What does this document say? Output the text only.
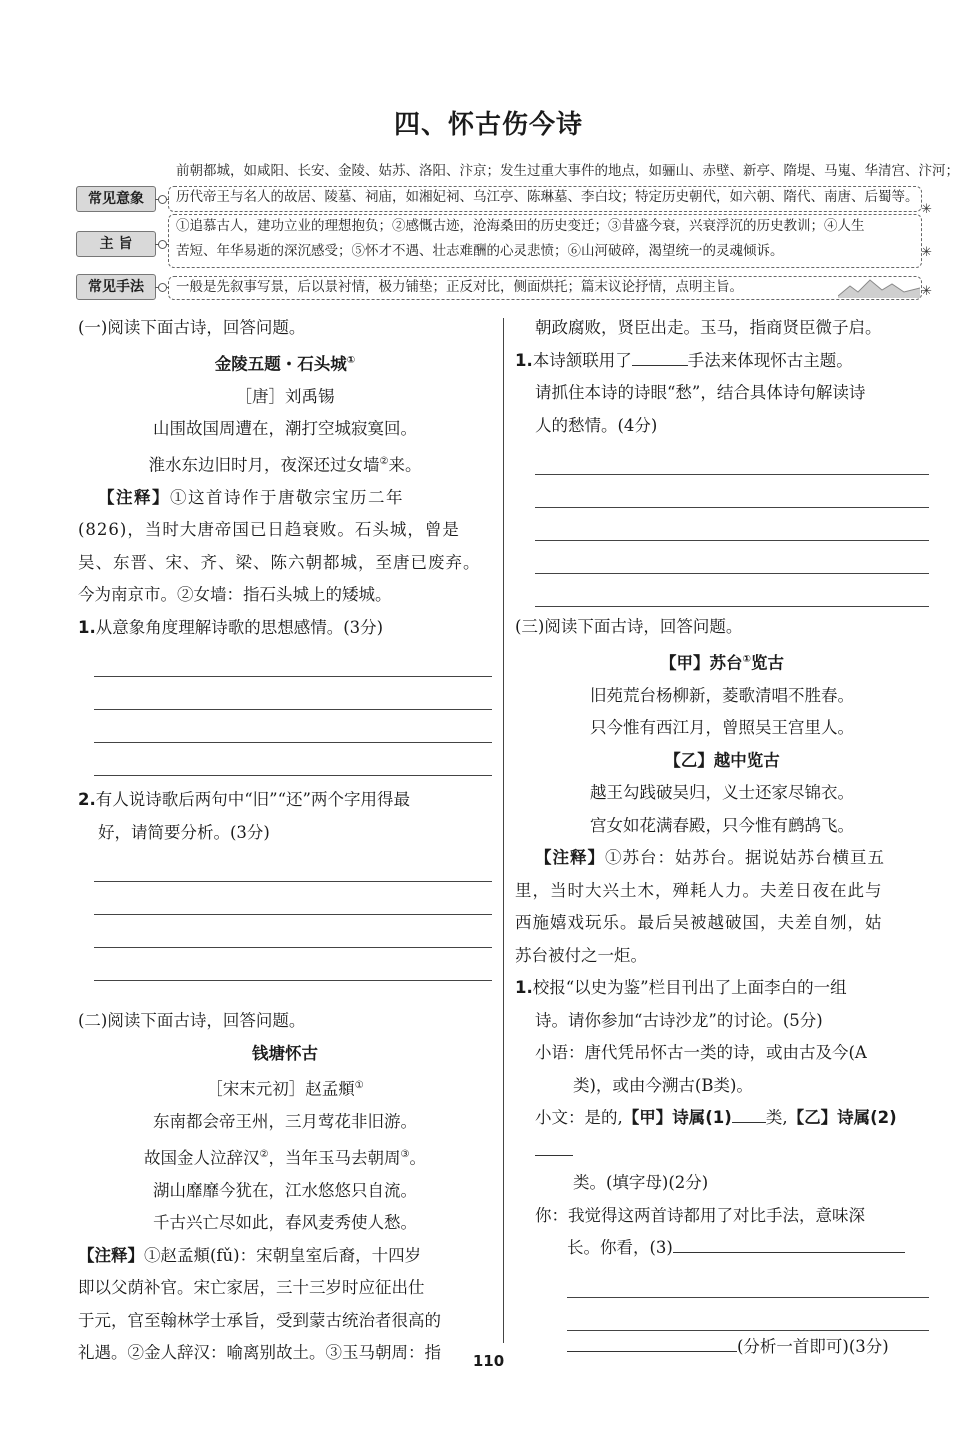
四、怀古伤今诗
前朝都城，如咸阳、长安、金陵、姑苏、洛阳、汴京；发生过重大事件的地点，如骊山、赤壁、新亭、隋堤、马嵬、华清宫、汴河；
历代帝王与名人的故居、陵墓、祠庙，如湘妃祠、乌江亭、陈琳墓、李白坟；特定历史朝代，如六朝、隋代、南唐、后蜀等。
常见意象
✳
①追慕古人，建功立业的理想抱负；②感慨古迹，沧海桑田的历史变迁；③昔盛今衰，兴衰浮沉的历史教训；④人生
苦短、年华易逝的深沉感受；⑤怀才不遇、壮志难酬的心灵悲愤；⑥山河破碎，渴望统一的灵魂倾诉。
主 旨
✳
一般是先叙事写景，后以景衬情，极力铺垫；正反对比，侧面烘托；篇末议论抒情，点明主旨。
常见手法	✳

(一)阅读下面古诗，回答问题。

金陵五题・石头城①

［唐］刘禹锡

山围故国周遭在，潮打空城寂寞回。

淮水东边旧时月，夜深还过女墙②来。

【注释】①这首诗作于唐敬宗宝历二年

(826)，当时大唐帝国已日趋衰败。石头城，曾是

吴、东晋、宋、齐、梁、陈六朝都城，至唐已废弃。

今为南京市。②女墙：指石头城上的矮城。

1.从意象角度理解诗歌的思想感情。(3分)

2.有人说诗歌后两句中“旧”“还”两个字用得最

好，请简要分析。(3分)

(二)阅读下面古诗，回答问题。

钱塘怀古

［宋末元初］赵孟頫①

东南都会帝王州，三月莺花非旧游。

故国金人泣辞汉②，当年玉马去朝周③。

湖山靡靡今犹在，江水悠悠只自流。

千古兴亡尽如此，春风麦秀使人愁。

【注释】①赵孟頫(fǔ)：宋朝皇室后裔，十四岁

即以父荫补官。宋亡家居，三十三岁时应征出仕

于元，官至翰林学士承旨，受到蒙古统治者很高的

礼遇。②金人辞汉：喻离别故土。③玉马朝周：指

朝政腐败，贤臣出走。玉马，指商贤臣微子启。

1.本诗颔联用了	手法来体现怀古主题。

请抓住本诗的诗眼“愁”，结合具体诗句解读诗

人的愁情。(4分)

(三)阅读下面古诗，回答问题。

【甲】苏台①览古

旧苑荒台杨柳新，菱歌清唱不胜春。

只今惟有西江月，曾照吴王宫里人。

【乙】越中览古

越王勾践破吴归，义士还家尽锦衣。

宫女如花满春殿，只今惟有鹧鸪飞。

【注释】①苏台：姑苏台。据说姑苏台横亘五

里，当时大兴土木，殚耗人力。夫差日夜在此与

西施嬉戏玩乐。最后吴被越破国，夫差自刎，姑

苏台被付之一炬。

1.校报“以史为鉴”栏目刊出了上面李白的一组

诗。请你参加“古诗沙龙”的讨论。(5分)

小语：唐代凭吊怀古一类的诗，或由古及今(A

类)，或由今溯古(B类)。

小文：是的,【甲】诗属(1) 类,【乙】诗属(2)

类。(填字母)(2分)

你：我觉得这两首诗都用了对比手法，意味深

长。你看，(3)

(分析一首即可)(3分)

110
